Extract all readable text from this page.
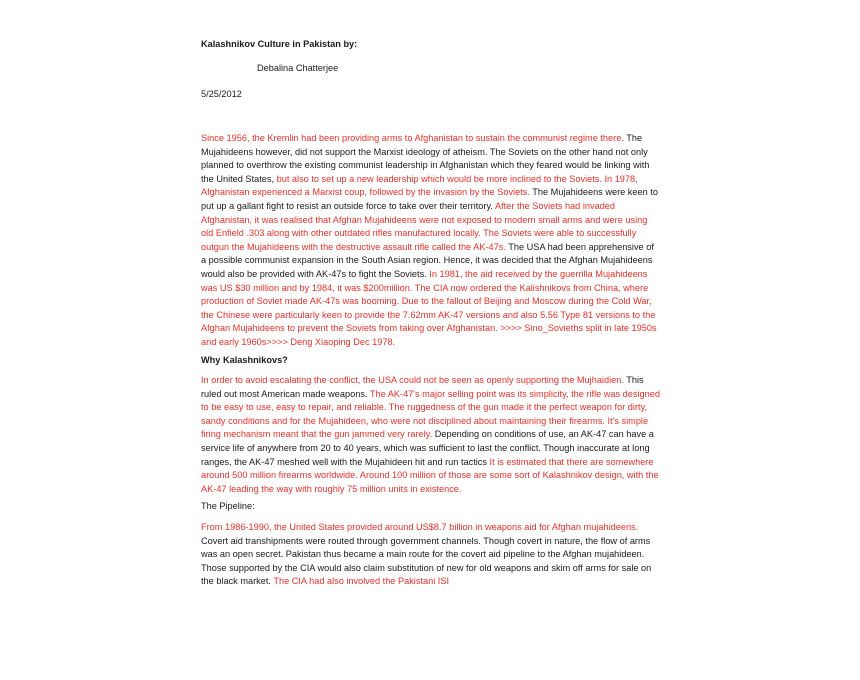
Kalashnikov Culture in Pakistan by:
Debalina Chatterjee
5/25/2012

Since 1956, the Kremlin had been providing arms to Afghanistan to sustain the communist regime there. The Mujahideens however, did not support the Marxist ideology of atheism. The Soviets on the other hand not only planned to overthrow the existing communist leadership in Afghanistan which they feared would be linking with the United States, but also to set up a new leadership which would be more inclined to the Soviets. In 1978, Afghanistan experienced a Marxist coup, followed by the invasion by the Soviets. The Mujahideens were keen to put up a gallant fight to resist an outside force to take over their territory. After the Soviets had invaded Afghanistan, it was realised that Afghan Mujahideens were not exposed to modern small arms and were using old Enfield .303 along with other outdated rifles manufactured locally. The Soviets were able to successfully outgun the Mujahideens with the destructive assault rifle called the AK-47s. The USA had been apprehensive of a possible communist expansion in the South Asian region. Hence, it was decided that the Afghan Mujahideens would also be provided with AK-47s to fight the Soviets. In 1981, the aid received by the guerrilla Mujahideens was US $30 million and by 1984, it was $200million. The CIA now ordered the Kalishnikovs from China, where production of Soviet made AK-47s was booming. Due to the fallout of Beijing and Moscow during the Cold War, the Chinese were particularly keen to provide the 7.62mm AK-47 versions and also 5.56 Type 81 versions to the Afghan Mujahideens to prevent the Soviets from taking over Afghanistan. >>>> Sino_Sovieths split in late 1950s and early 1960s>>>> Deng Xiaoping Dec 1978.

Why Kalashnikovs?

In order to avoid escalating the conflict, the USA could not be seen as openly supporting the Mujhaidien. This ruled out most American made weapons. The AK-47's major selling point was its simplicity, the rifle was designed to be easy to use, easy to repair, and reliable. The ruggedness of the gun made it the perfect weapon for dirty, sandy conditions and for the Mujahideen, who were not disciplined about maintaining their firearms. It's simple firing mechanism meant that the gun jammed very rarely. Depending on conditions of use, an AK-47 can have a service life of anywhere from 20 to 40 years, which was sufficient to last the conflict. Though inaccurate at long ranges, the AK-47 meshed well with the Mujahideen hit and run tactics It is estimated that there are somewhere around 500 million firearms worldwide. Around 100 million of those are some sort of Kalashnikov design, with the AK-47 leading the way with roughly 75 million units in existence.

The Pipeline:

From 1986-1990, the United States provided around US$8.7 billion in weapons aid for Afghan mujahideens. Covert aid transhipments were routed through government channels. Though covert in nature, the flow of arms was an open secret. Pakistan thus became a main route for the covert aid pipeline to the Afghan mujahideen. Those supported by the CIA would also claim substitution of new for old weapons and skim off arms for sale on the black market. The CIA had also involved the Pakistani ISI
